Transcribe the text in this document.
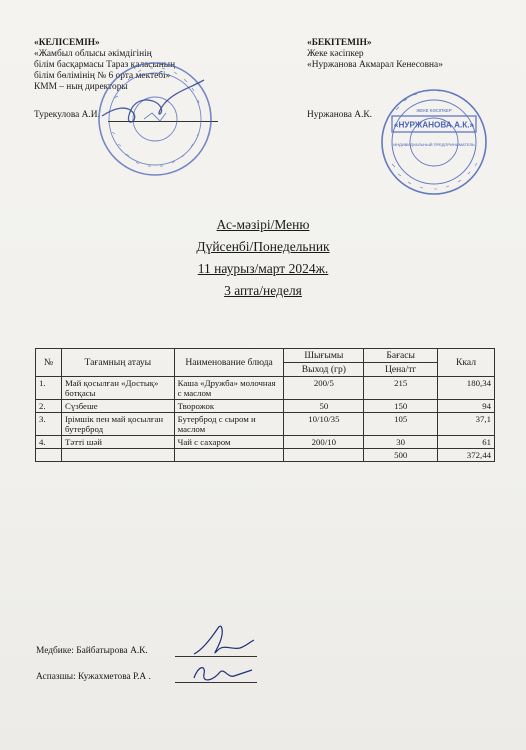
«КЕЛІСЕМІН»
«Жамбыл облысы әкімдігінің
білім басқармасы Тараз қаласының
білім бөлімінің № 6 орта мектебі»
КММ – ның директоры
Турекулова А.И.
«БЕКІТЕМІН»
Жеке кәсіпкер
«Нуржанова Акмарал Кенесовна»
Нуржанова А.К.	ЖЕКЕ КӘСІПКЕР
«НУРЖАНОВА А.К.»
ИНДИВИДУАЛЬНЫЙ ПРЕДПРИНИМАТЕЛЬ
Ас-мәзірі/Меню
Дүйсенбі/Понедельник
11 наурыз/март 2024ж.
3 апта/неделя
№	Тағамның атауы	Наименование блюда	Шығымы	Бағасы	Ккал
			Выход (гр)	Цена/тг	
1.	Май қосылған «Достық» ботқасы	Каша «Дружба» молочная с маслом	200/5	215	180,34
2.	Сүзбеше	Творожок	50	150	94
3.	Ірімшік пен май қосылған бутерброд	Бутерброд с сыром и маслом	10/10/35	105	37,1
4.	Тәтті шәй	Чай с сахаром	200/10	30	61
				500	372,44
Медбике: Байбатырова А.К.
Аспазшы: Кужахметова Р.А .
